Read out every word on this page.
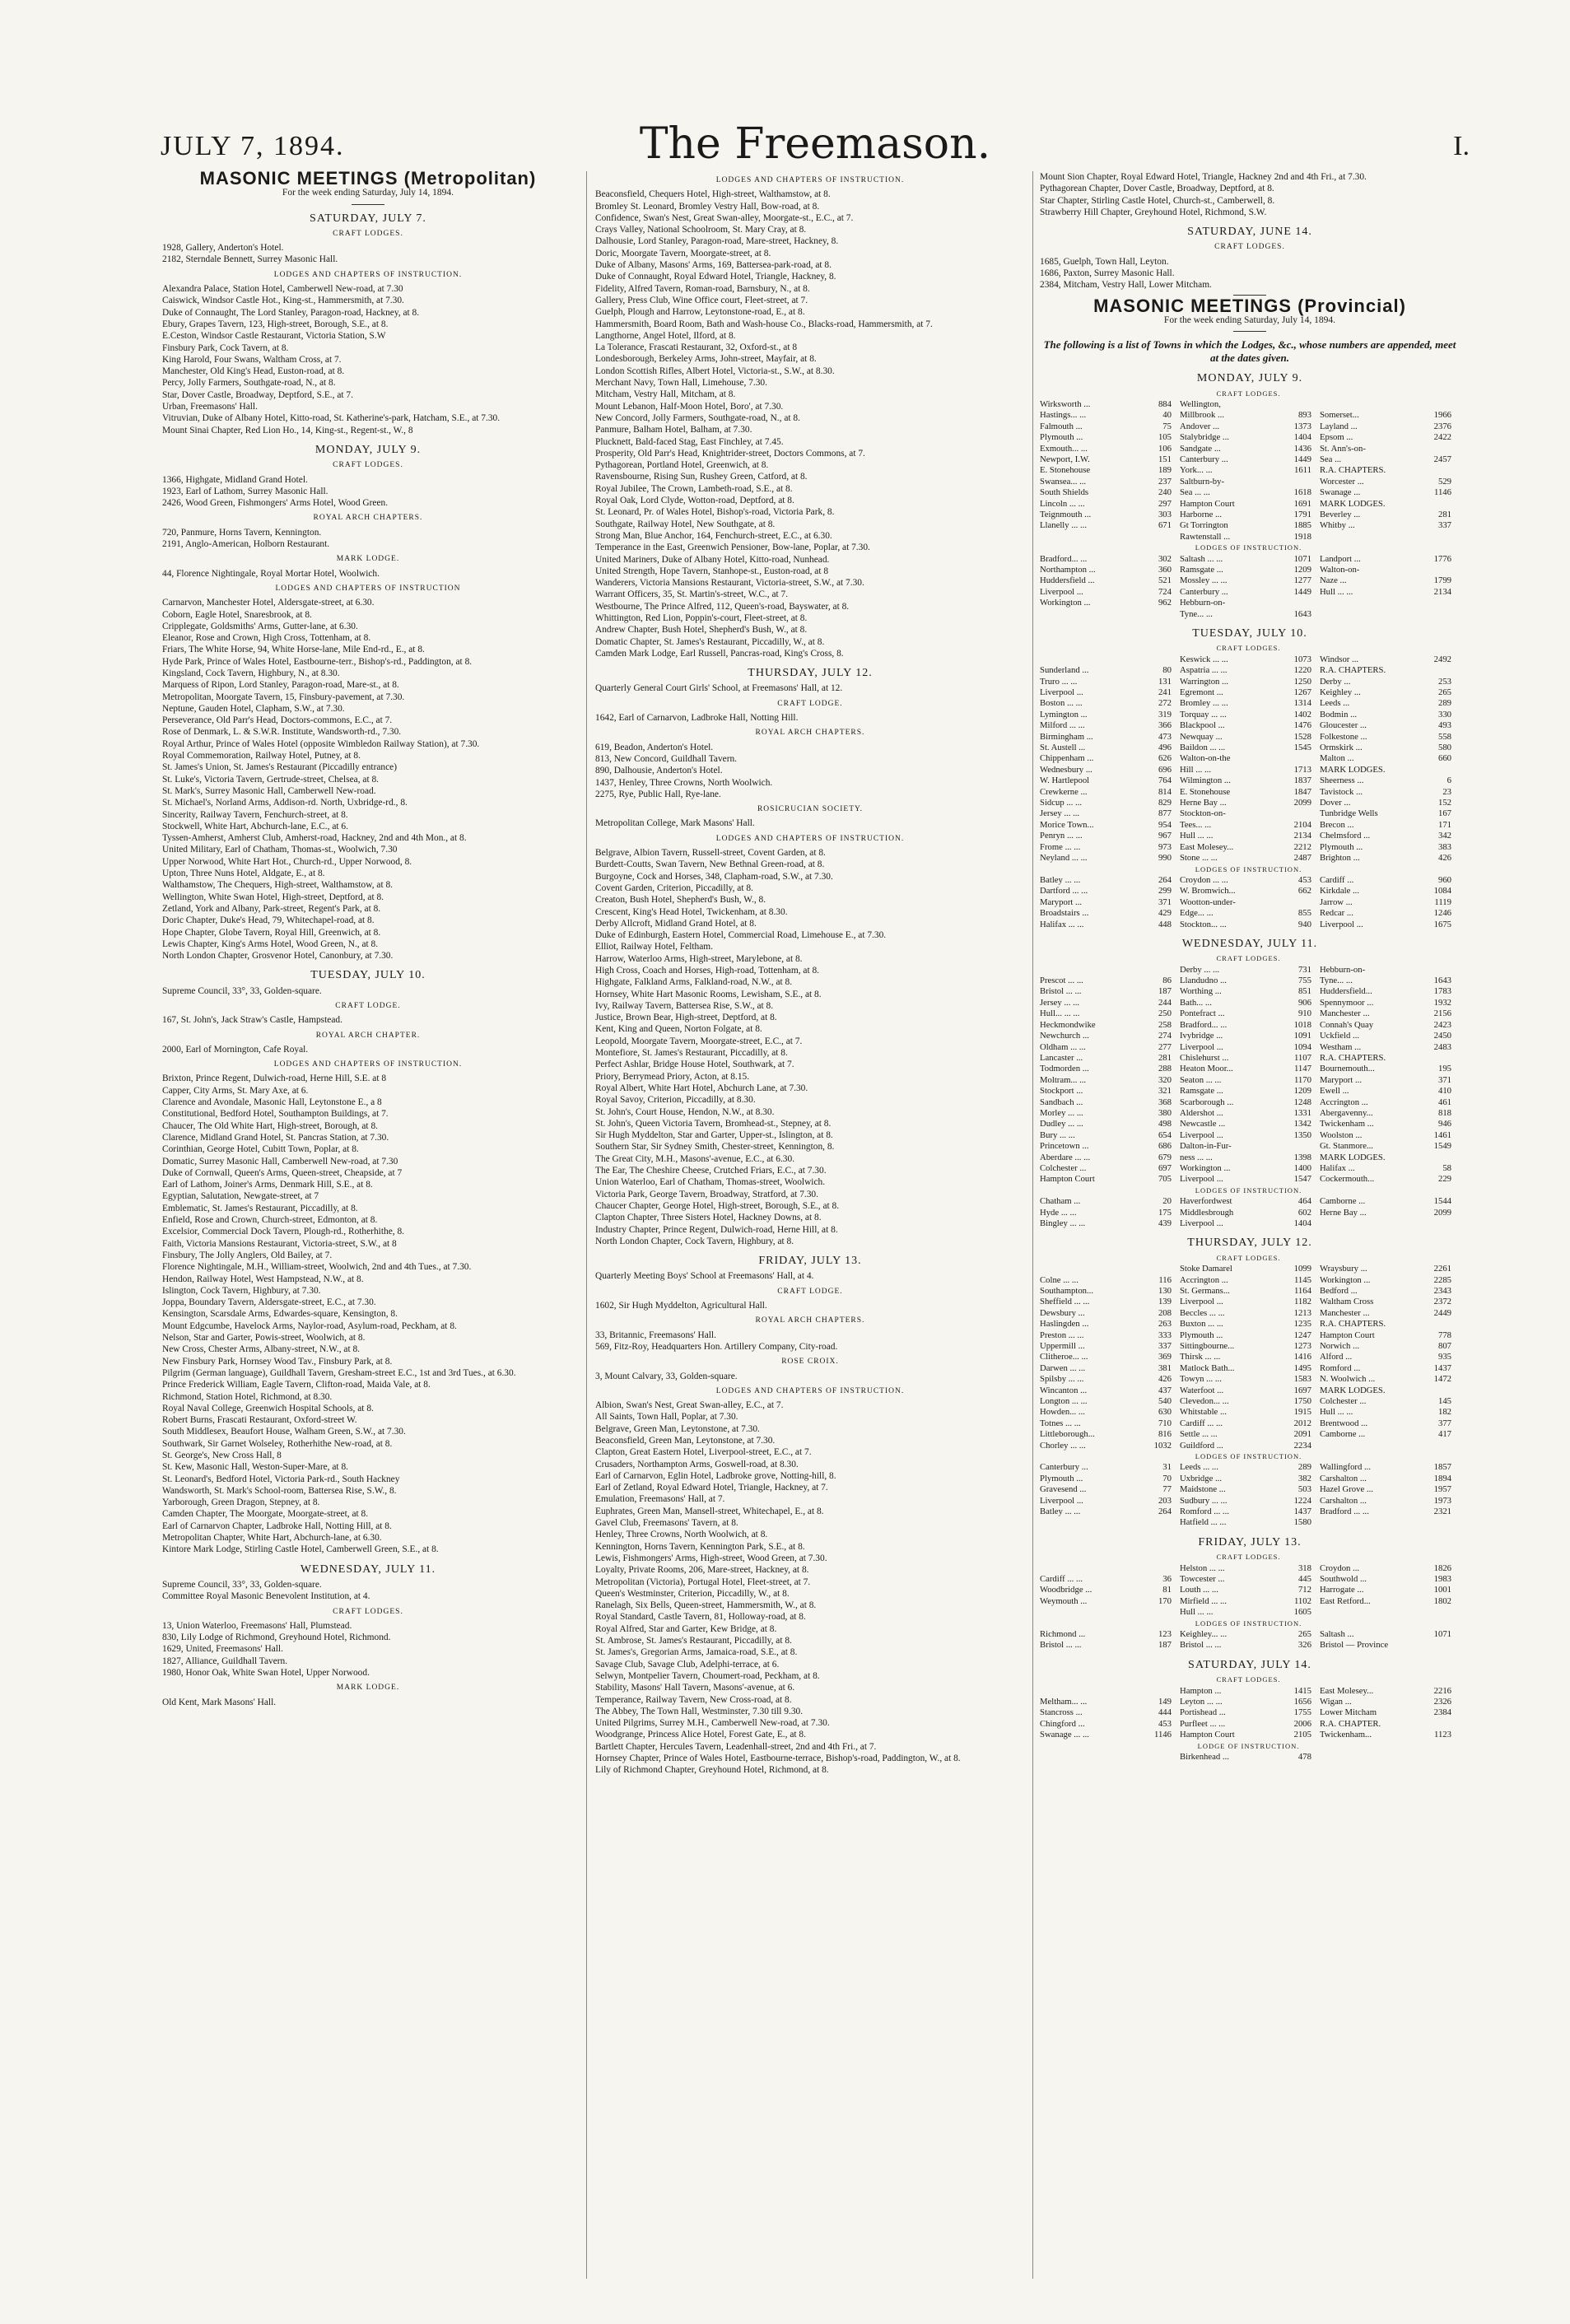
JULY 7, 1894.	The Freemason.	I.
MASONIC MEETINGS (Metropolitan)
For the week ending Saturday, July 14, 1894.
SATURDAY, JULY 7.
CRAFT LODGES.
1928, Gallery, Anderton's Hotel.
2182, Sterndale Bennett, Surrey Masonic Hall.
LODGES AND CHAPTERS OF INSTRUCTION.
Alexandra Palace, Station Hotel, Camberwell New-road, at 7.30
Caiswick, Windsor Castle Hot., King-st., Hammersmith, at 7.30.
Duke of Connaught, The Lord Stanley, Paragon-road, Hackney, at 8.
Ebury, Grapes Tavern, 123, High-street, Borough, S.E., at 8.
E.Ceston, Windsor Castle Restaurant, Victoria Station, S.W
Finsbury Park, Cock Tavern, at 8.
King Harold, Four Swans, Waltham Cross, at 7.
Manchester, Old King's Head, Euston-road, at 8.
Percy, Jolly Farmers, Southgate-road, N., at 8.
Star, Dover Castle, Broadway, Deptford, S.E., at 7.
Urban, Freemasons' Hall.
Vitruvian, Duke of Albany Hotel, Kitto-road, St. Katherine's-park, Hatcham, S.E., at 7.30.
Mount Sinai Chapter, Red Lion Ho., 14, King-st., Regent-st., W., 8
MONDAY, JULY 9.
CRAFT LODGES.
1366, Highgate, Midland Grand Hotel.
1923, Earl of Lathom, Surrey Masonic Hall.
2426, Wood Green, Fishmongers' Arms Hotel, Wood Green.
ROYAL ARCH CHAPTERS.
720, Panmure, Horns Tavern, Kennington.
2191, Anglo-American, Holborn Restaurant.
MARK LODGE.
44, Florence Nightingale, Royal Mortar Hotel, Woolwich.
LODGES AND CHAPTERS OF INSTRUCTION
Carnarvon, Manchester Hotel, Aldersgate-street, at 6.30.
Coborn, Eagle Hotel, Snaresbrook, at 8.
Cripplegate, Goldsmiths' Arms, Gutter-lane, at 6.30.
Eleanor, Rose and Crown, High Cross, Tottenham, at 8.
Friars, The White Horse, 94, White Horse-lane, Mile End-rd., E., at 8.
Hyde Park, Prince of Wales Hotel, Eastbourne-terr., Bishop's-rd., Paddington, at 8.
Kingsland, Cock Tavern, Highbury, N., at 8.30.
Marquess of Ripon, Lord Stanley, Paragon-road, Mare-st., at 8.
Metropolitan, Moorgate Tavern, 15, Finsbury-pavement, at 7.30.
Neptune, Gauden Hotel, Clapham, S.W., at 7.30.
Perseverance, Old Parr's Head, Doctors-commons, E.C., at 7.
Rose of Denmark, L. & S.W.R. Institute, Wandsworth-rd., 7.30.
Royal Arthur, Prince of Wales Hotel (opposite Wimbledon Railway Station), at 7.30.
Royal Commemoration, Railway Hotel, Putney, at 8.
St. James's Union, St. James's Restaurant (Piccadilly entrance)
St. Luke's, Victoria Tavern, Gertrude-street, Chelsea, at 8.
St. Mark's, Surrey Masonic Hall, Camberwell New-road.
St. Michael's, Norland Arms, Addison-rd. North, Uxbridge-rd., 8.
Sincerity, Railway Tavern, Fenchurch-street, at 8.
Stockwell, White Hart, Abchurch-lane, E.C., at 6.
Tyssen-Amherst, Amherst Club, Amherst-road, Hackney, 2nd and 4th Mon., at 8.
United Military, Earl of Chatham, Thomas-st., Woolwich, 7.30
Upper Norwood, White Hart Hot., Church-rd., Upper Norwood, 8.
Upton, Three Nuns Hotel, Aldgate, E., at 8.
Walthamstow, The Chequers, High-street, Walthamstow, at 8.
Wellington, White Swan Hotel, High-street, Deptford, at 8.
Zetland, York and Albany, Park-street, Regent's Park, at 8.
Doric Chapter, Duke's Head, 79, Whitechapel-road, at 8.
Hope Chapter, Globe Tavern, Royal Hill, Greenwich, at 8.
Lewis Chapter, King's Arms Hotel, Wood Green, N., at 8.
North London Chapter, Grosvenor Hotel, Canonbury, at 7.30.
TUESDAY, JULY 10.
Supreme Council, 33°, 33, Golden-square.
CRAFT LODGE.
167, St. John's, Jack Straw's Castle, Hampstead.
ROYAL ARCH CHAPTER.
2000, Earl of Mornington, Cafe Royal.
LODGES AND CHAPTERS OF INSTRUCTION.
Brixton, Prince Regent, Dulwich-road, Herne Hill, S.E. at 8
Capper, City Arms, St. Mary Axe, at 6.
Clarence and Avondale, Masonic Hall, Leytonstone E., a 8
Constitutional, Bedford Hotel, Southampton Buildings, at 7.
Chaucer, The Old White Hart, High-street, Borough, at 8.
Clarence, Midland Grand Hotel, St. Pancras Station, at 7.30.
Corinthian, George Hotel, Cubitt Town, Poplar, at 8.
Domatic, Surrey Masonic Hall, Camberwell New-road, at 7.30
Duke of Cornwall, Queen's Arms, Queen-street, Cheapside, at 7
Earl of Lathom, Joiner's Arms, Denmark Hill, S.E., at 8.
Egyptian, Salutation, Newgate-street, at 7
Emblematic, St. James's Restaurant, Piccadilly, at 8.
Enfield, Rose and Crown, Church-street, Edmonton, at 8.
Excelsior, Commercial Dock Tavern, Plough-rd., Rotherhithe, 8.
Faith, Victoria Mansions Restaurant, Victoria-street, S.W., at 8
Finsbury, The Jolly Anglers, Old Bailey, at 7.
Florence Nightingale, M.H., William-street, Woolwich, 2nd and 4th Tues., at 7.30.
Hendon, Railway Hotel, West Hampstead, N.W., at 8.
Islington, Cock Tavern, Highbury, at 7.30.
Joppa, Boundary Tavern, Aldersgate-street, E.C., at 7.30.
Kensington, Scarsdale Arms, Edwardes-square, Kensington, 8.
Mount Edgcumbe, Havelock Arms, Naylor-road, Asylum-road, Peckham, at 8.
Nelson, Star and Garter, Powis-street, Woolwich, at 8.
New Cross, Chester Arms, Albany-street, N.W., at 8.
New Finsbury Park, Hornsey Wood Tav., Finsbury Park, at 8.
Pilgrim (German language), Guildhall Tavern, Gresham-street E.C., 1st and 3rd Tues., at 6.30.
Prince Frederick William, Eagle Tavern, Clifton-road, Maida Vale, at 8.
Richmond, Station Hotel, Richmond, at 8.30.
Royal Naval College, Greenwich Hospital Schools, at 8.
Robert Burns, Frascati Restaurant, Oxford-street W.
South Middlesex, Beaufort House, Walham Green, S.W., at 7.30.
Southwark, Sir Garnet Wolseley, Rotherhithe New-road, at 8.
St. George's, New Cross Hall, 8
St. Kew, Masonic Hall, Weston-Super-Mare, at 8.
St. Leonard's, Bedford Hotel, Victoria Park-rd., South Hackney
Wandsworth, St. Mark's School-room, Battersea Rise, S.W., 8.
Yarborough, Green Dragon, Stepney, at 8.
Camden Chapter, The Moorgate, Moorgate-street, at 8.
Earl of Carnarvon Chapter, Ladbroke Hall, Notting Hill, at 8.
Metropolitan Chapter, White Hart, Abchurch-lane, at 6.30.
Kintore Mark Lodge, Stirling Castle Hotel, Camberwell Green, S.E., at 8.
WEDNESDAY, JULY 11.
Supreme Council, 33°, 33, Golden-square.
Committee Royal Masonic Benevolent Institution, at 4.
CRAFT LODGES.
13, Union Waterloo, Freemasons' Hall, Plumstead.
830, Lily Lodge of Richmond, Greyhound Hotel, Richmond.
1629, United, Freemasons' Hall.
1827, Alliance, Guildhall Tavern.
1980, Honor Oak, White Swan Hotel, Upper Norwood.
MARK LODGE.
Old Kent, Mark Masons' Hall.
LODGES AND CHAPTERS OF INSTRUCTION.
Beaconsfield, Chequers Hotel, High-street, Walthamstow, at 8.
Bromley St. Leonard, Bromley Vestry Hall, Bow-road, at 8.
Confidence, Swan's Nest, Great Swan-alley, Moorgate-st., E.C., at 7.
Crays Valley, National Schoolroom, St. Mary Cray, at 8.
Dalhousie, Lord Stanley, Paragon-road, Mare-street, Hackney, 8.
Doric, Moorgate Tavern, Moorgate-street, at 8.
Duke of Albany, Masons' Arms, 169, Battersea-park-road, at 8.
Duke of Connaught, Royal Edward Hotel, Triangle, Hackney, 8.
Fidelity, Alfred Tavern, Roman-road, Barnsbury, N., at 8.
Gallery, Press Club, Wine Office court, Fleet-street, at 7.
Guelph, Plough and Harrow, Leytonstone-road, E., at 8.
Hammersmith, Board Room, Bath and Wash-house Co., Blacks-road, Hammersmith, at 7.
Langthorne, Angel Hotel, Ilford, at 8.
La Tolerance, Frascati Restaurant, 32, Oxford-st., at 8
Londesborough, Berkeley Arms, John-street, Mayfair, at 8.
London Scottish Rifles, Albert Hotel, Victoria-st., S.W., at 8.30.
Merchant Navy, Town Hall, Limehouse, 7.30.
Mitcham, Vestry Hall, Mitcham, at 8.
Mount Lebanon, Half-Moon Hotel, Boro', at 7.30.
New Concord, Jolly Farmers, Southgate-road, N., at 8.
Panmure, Balham Hotel, Balham, at 7.30.
Plucknett, Bald-faced Stag, East Finchley, at 7.45.
Prosperity, Old Parr's Head, Knightrider-street, Doctors Commons, at 7.
Pythagorean, Portland Hotel, Greenwich, at 8.
Ravensbourne, Rising Sun, Rushey Green, Catford, at 8.
Royal Jubilee, The Crown, Lambeth-road, S.E., at 8.
Royal Oak, Lord Clyde, Wotton-road, Deptford, at 8.
St. Leonard, Pr. of Wales Hotel, Bishop's-road, Victoria Park, 8.
Southgate, Railway Hotel, New Southgate, at 8.
Strong Man, Blue Anchor, 164, Fenchurch-street, E.C., at 6.30.
Temperance in the East, Greenwich Pensioner, Bow-lane, Poplar, at 7.30.
United Mariners, Duke of Albany Hotel, Kitto-road, Nunhead.
United Strength, Hope Tavern, Stanhope-st., Euston-road, at 8
Wanderers, Victoria Mansions Restaurant, Victoria-street, S.W., at 7.30.
Warrant Officers, 35, St. Martin's-street, W.C., at 7.
Westbourne, The Prince Alfred, 112, Queen's-road, Bayswater, at 8.
Whittington, Red Lion, Poppin's-court, Fleet-street, at 8.
Andrew Chapter, Bush Hotel, Shepherd's Bush, W., at 8.
Domatic Chapter, St. James's Restaurant, Piccadilly, W., at 8.
Camden Mark Lodge, Earl Russell, Pancras-road, King's Cross, 8.
THURSDAY, JULY 12.
Quarterly General Court Girls' School, at Freemasons' Hall, at 12.
CRAFT LODGE.
1642, Earl of Carnarvon, Ladbroke Hall, Notting Hill.
ROYAL ARCH CHAPTERS.
619, Beadon, Anderton's Hotel.
813, New Concord, Guildhall Tavern.
890, Dalhousie, Anderton's Hotel.
1437, Henley, Three Crowns, North Woolwich.
2275, Rye, Public Hall, Rye-lane.
ROSICRUCIAN SOCIETY.
Metropolitan College, Mark Masons' Hall.
LODGES AND CHAPTERS OF INSTRUCTION.
Belgrave, Albion Tavern, Russell-street, Covent Garden, at 8.
Burdett-Coutts, Swan Tavern, New Bethnal Green-road, at 8.
Burgoyne, Cock and Horses, 348, Clapham-road, S.W., at 7.30.
Covent Garden, Criterion, Piccadilly, at 8.
Creaton, Bush Hotel, Shepherd's Bush, W., 8.
Crescent, King's Head Hotel, Twickenham, at 8.30.
Derby Allcroft, Midland Grand Hotel, at 8.
Duke of Edinburgh, Eastern Hotel, Commercial Road, Limehouse E., at 7.30.
Elliot, Railway Hotel, Feltham.
Harrow, Waterloo Arms, High-street, Marylebone, at 8.
High Cross, Coach and Horses, High-road, Tottenham, at 8.
Highgate, Falkland Arms, Falkland-road, N.W., at 8.
Hornsey, White Hart Masonic Rooms, Lewisham, S.E., at 8.
Ivy, Railway Tavern, Battersea Rise, S.W., at 8.
Justice, Brown Bear, High-street, Deptford, at 8.
Kent, King and Queen, Norton Folgate, at 8.
Leopold, Moorgate Tavern, Moorgate-street, E.C., at 7.
Montefiore, St. James's Restaurant, Piccadilly, at 8.
Perfect Ashlar, Bridge House Hotel, Southwark, at 7.
Priory, Berrymead Priory, Acton, at 8.15.
Royal Albert, White Hart Hotel, Abchurch Lane, at 7.30.
Royal Savoy, Criterion, Piccadilly, at 8.30.
St. John's, Court House, Hendon, N.W., at 8.30.
St. John's, Queen Victoria Tavern, Bromhead-st., Stepney, at 8.
Sir Hugh Myddelton, Star and Garter, Upper-st., Islington, at 8.
Southern Star, Sir Sydney Smith, Chester-street, Kennington, 8.
The Great City, M.H., Masons'-avenue, E.C., at 6.30.
The Ear, The Cheshire Cheese, Crutched Friars, E.C., at 7.30.
Union Waterloo, Earl of Chatham, Thomas-street, Woolwich.
Victoria Park, George Tavern, Broadway, Stratford, at 7.30.
Chaucer Chapter, George Hotel, High-street, Borough, S.E., at 8.
Clapton Chapter, Three Sisters Hotel, Hackney Downs, at 8.
Industry Chapter, Prince Regent, Dulwich-road, Herne Hill, at 8.
North London Chapter, Cock Tavern, Highbury, at 8.
FRIDAY, JULY 13.
Quarterly Meeting Boys' School at Freemasons' Hall, at 4.
CRAFT LODGE.
1602, Sir Hugh Myddelton, Agricultural Hall.
ROYAL ARCH CHAPTERS.
33, Britannic, Freemasons' Hall.
569, Fitz-Roy, Headquarters Hon. Artillery Company, City-road.
ROSE CROIX.
3, Mount Calvary, 33, Golden-square.
LODGES AND CHAPTERS OF INSTRUCTION.
Albion, Swan's Nest, Great Swan-alley, E.C., at 7.
All Saints, Town Hall, Poplar, at 7.30.
Belgrave, Green Man, Leytonstone, at 7.30.
Beaconsfield, Green Man, Leytonstone, at 7.30.
Clapton, Great Eastern Hotel, Liverpool-street, E.C., at 7.
Crusaders, Northampton Arms, Goswell-road, at 8.30.
Earl of Carnarvon, Eglin Hotel, Ladbroke grove, Notting-hill, 8.
Earl of Zetland, Royal Edward Hotel, Triangle, Hackney, at 7.
Emulation, Freemasons' Hall, at 7.
Euphrates, Green Man, Mansell-street, Whitechapel, E., at 8.
Gavel Club, Freemasons' Tavern, at 8.
Henley, Three Crowns, North Woolwich, at 8.
Kennington, Horns Tavern, Kennington Park, S.E., at 8.
Lewis, Fishmongers' Arms, High-street, Wood Green, at 7.30.
Loyalty, Private Rooms, 206, Mare-street, Hackney, at 8.
Metropolitan (Victoria), Portugal Hotel, Fleet-street, at 7.
Queen's Westminster, Criterion, Piccadilly, W., at 8.
Ranelagh, Six Bells, Queen-street, Hammersmith, W., at 8.
Royal Standard, Castle Tavern, 81, Holloway-road, at 8.
Royal Alfred, Star and Garter, Kew Bridge, at 8.
St. Ambrose, St. James's Restaurant, Piccadilly, at 8.
St. James's, Gregorian Arms, Jamaica-road, S.E., at 8.
Savage Club, Savage Club, Adelphi-terrace, at 6.
Selwyn, Montpelier Tavern, Choumert-road, Peckham, at 8.
Stability, Masons' Hall Tavern, Masons'-avenue, at 6.
Temperance, Railway Tavern, New Cross-road, at 8.
The Abbey, The Town Hall, Westminster, 7.30 till 9.30.
United Pilgrims, Surrey M.H., Camberwell New-road, at 7.30.
Woodgrange, Princess Alice Hotel, Forest Gate, E., at 8.
Bartlett Chapter, Hercules Tavern, Leadenhall-street, 2nd and 4th Fri., at 7.
Hornsey Chapter, Prince of Wales Hotel, Eastbourne-terrace, Bishop's-road, Paddington, W., at 8.
Lily of Richmond Chapter, Greyhound Hotel, Richmond, at 8.
Mount Sion Chapter, Royal Edward Hotel, Triangle, Hackney 2nd and 4th Fri., at 7.30.
Pythagorean Chapter, Dover Castle, Broadway, Deptford, at 8.
Star Chapter, Stirling Castle Hotel, Church-st., Camberwell, 8.
Strawberry Hill Chapter, Greyhound Hotel, Richmond, S.W.
SATURDAY, JUNE 14.
CRAFT LODGES.
1685, Guelph, Town Hall, Leyton.
1686, Paxton, Surrey Masonic Hall.
2384, Mitcham, Vestry Hall, Lower Mitcham.
MASONIC MEETINGS (Provincial)
For the week ending Saturday, July 14, 1894.
The following is a list of Towns in which the Lodges, &c., whose numbers are appended, meet at the dates given.
MONDAY, JULY 9.
CRAFT LODGES.					
Wirksworth ...	884	Wellington,			
Hastings... ...	40	Millbrook ...	893	Somerset...	1966
Falmouth ...	75	Andover ...	1373	Layland ...	2376
Plymouth ...	105	Stalybridge ...	1404	Epsom ...	2422
Exmouth... ...	106	Sandgate ...	1436	St. Ann's-on-	
Newport, I.W.	151	Canterbury ...	1449	Sea ...	2457
E. Stonehouse	189	York... ...	1611	R.A. CHAPTERS.	
Swansea... ...	237	Saltburn-by-		Worcester ...	529
South Shields	240	Sea ... ...	1618	Swanage ...	1146
Lincoln ... ...	297	Hampton Court	1691	MARK LODGES.	
Teignmouth ...	303	Harborne ...	1791	Beverley ...	281
Llanelly ... ...	671	Gt Torrington	1885	Whitby ...	337
		Rawtenstall ...	1918		
LODGES OF INSTRUCTION.					
Bradford... ...	302	Saltash ... ...	1071	Landport ...	1776
Northampton ...	360	Ramsgate ...	1209	Walton-on-	
Huddersfield ...	521	Mossley ... ...	1277	Naze ...	1799
Liverpool ...	724	Canterbury ...	1449	Hull ... ...	2134
Workington ...	962	Hebburn-on-			
		Tyne... ...	1643		
TUESDAY, JULY 10.
CRAFT LODGES.					
		Keswick ... ...	1073	Windsor ...	2492
Sunderland ...	80	Aspatria ... ...	1220	R.A. CHAPTERS.	
Truro ... ...	131	Warrington ...	1250	Derby ...	253
Liverpool ...	241	Egremont ...	1267	Keighley ...	265
Boston ... ...	272	Bromley ... ...	1314	Leeds ...	289
Lymington ...	319	Torquay ... ...	1402	Bodmin ...	330
Milford ... ...	366	Blackpool ...	1476	Gloucester ...	493
Birmingham ...	473	Newquay ...	1528	Folkestone ...	558
St. Austell ...	496	Baildon ... ...	1545	Ormskirk ...	580
Chippenham ...	626	Walton-on-the		Malton ...	660
Wednesbury ...	696	Hill ... ...	1713	MARK LODGES.	
W. Hartlepool	764	Wilmington ...	1837	Sheerness ...	6
Crewkerne ...	814	E. Stonehouse	1847	Tavistock ...	23
Sidcup ... ...	829	Herne Bay ...	2099	Dover ...	152
Jersey ... ...	877	Stockton-on-		Tunbridge Wells	167
Morice Town...	954	Tees... ...	2104	Brecon ...	171
Penryn ... ...	967	Hull ... ...	2134	Chelmsford ...	342
Frome ... ...	973	East Molesey...	2212	Plymouth ...	383
Neyland ... ...	990	Stone ... ...	2487	Brighton ...	426
LODGES OF INSTRUCTION.					
Batley ... ...	264	Croydon ... ...	453	Cardiff ...	960
Dartford ... ...	299	W. Bromwich...	662	Kirkdale ...	1084
Maryport ...	371	Wootton-under-		Jarrow ...	1119
Broadstairs ...	429	Edge... ...	855	Redcar ...	1246
Halifax ... ...	448	Stockton... ...	940	Liverpool ...	1675
WEDNESDAY, JULY 11.
CRAFT LODGES.					
		Derby ... ...	731	Hebburn-on-	
Prescot ... ...	86	Llandudno ...	755	Tyne... ...	1643
Bristol ... ...	187	Worthing ...	851	Huddersfield...	1783
Jersey ... ...	244	Bath... ...	906	Spennymoor ...	1932
Hull... ... ...	250	Pontefract ...	910	Manchester ...	2156
Heckmondwike	258	Bradford... ...	1018	Connah's Quay	2423
Newchurch ...	274	Ivybridge ...	1091	Uckfield ...	2450
Oldham ... ...	277	Liverpool ...	1094	Westham ...	2483
Lancaster ...	281	Chislehurst ...	1107	R.A. CHAPTERS.	
Todmorden ...	288	Heaton Moor...	1147	Bournemouth...	195
Moltram... ...	320	Seaton ... ...	1170	Maryport ...	371
Stockport ...	321	Ramsgate ...	1209	Ewell ...	410
Sandbach ...	368	Scarborough ...	1248	Accrington ...	461
Morley ... ...	380	Aldershot ...	1331	Abergavenny...	818
Dudley ... ...	498	Newcastle ...	1342	Twickenham ...	946
Bury ... ...	654	Liverpool ...	1350	Woolston ...	1461
Princetown ...	686	Dalton-in-Fur-		Gt. Stanmore...	1549
Aberdare ... ...	679	ness ... ...	1398	MARK LODGES.	
Colchester ...	697	Workington ...	1400	Halifax ...	58
Hampton Court	705	Liverpool ...	1547	Cockermouth...	229
LODGES OF INSTRUCTION.					
Chatham ...	20	Haverfordwest	464	Camborne ...	1544
Hyde ... ...	175	Middlesbrough	602	Herne Bay ...	2099
Bingley ... ...	439	Liverpool ...	1404		
THURSDAY, JULY 12.
CRAFT LODGES.					
		Stoke Damarel	1099	Wraysbury ...	2261
Colne ... ...	116	Accrington ...	1145	Workington ...	2285
Southampton...	130	St. Germans...	1164	Bedford ...	2343
Sheffield ... ...	139	Liverpool ...	1182	Waltham Cross	2372
Dewsbury ...	208	Beccles ... ...	1213	Manchester ...	2449
Haslingden ...	263	Buxton ... ...	1235	R.A. CHAPTERS.	
Preston ... ...	333	Plymouth ...	1247	Hampton Court	778
Uppermill ...	337	Sittingbourne...	1273	Norwich ...	807
Clitheroe... ...	369	Thirsk ... ...	1416	Alford ...	935
Darwen ... ...	381	Matlock Bath...	1495	Romford ...	1437
Spilsby ... ...	426	Towyn ... ...	1583	N. Woolwich ...	1472
Wincanton ...	437	Waterfoot ...	1697	MARK LODGES.	
Longton ... ...	540	Clevedon... ...	1750	Colchester ...	145
Howden... ...	630	Whitstable ...	1915	Hull ... ...	182
Totnes ... ...	710	Cardiff ... ...	2012	Brentwood ...	377
Littleborough...	816	Settle ... ...	2091	Camborne ...	417
Chorley ... ...	1032	Guildford ...	2234		
LODGES OF INSTRUCTION.					
Canterbury ...	31	Leeds ... ...	289	Wallingford ...	1857
Plymouth ...	70	Uxbridge ...	382	Carshalton ...	1894
Gravesend ...	77	Maidstone ...	503	Hazel Grove ...	1957
Liverpool ...	203	Sudbury ... ...	1224	Carshalton ...	1973
Batley ... ...	264	Romford ... ...	1437	Bradford ... ...	2321
		Hatfield ... ...	1580		
FRIDAY, JULY 13.
CRAFT LODGES.					
		Helston ... ...	318	Croydon ...	1826
Cardiff ... ...	36	Towcester ...	445	Southwold ...	1983
Woodbridge ...	81	Louth ... ...	712	Harrogate ...	1001
Weymouth ...	170	Mirfield ... ...	1102	East Retford...	1802
		Hull ... ...	1605		
LODGES OF INSTRUCTION.					
Richmond ...	123	Keighley... ...	265	Saltash ...	1071
Bristol ... ...	187	Bristol ... ...	326	Bristol — Province	
SATURDAY, JULY 14.
CRAFT LODGES.					
		Hampton ...	1415	East Molesey...	2216
Meltham... ...	149	Leyton ... ...	1656	Wigan ...	2326
Stancross ...	444	Portishead ...	1755	Lower Mitcham	2384
Chingford ...	453	Purfleet ... ...	2006	R.A. CHAPTER.	
Swanage ... ...	1146	Hampton Court	2105	Twickenham...	1123
LODGE OF INSTRUCTION.
		Birkenhead ...	478		
